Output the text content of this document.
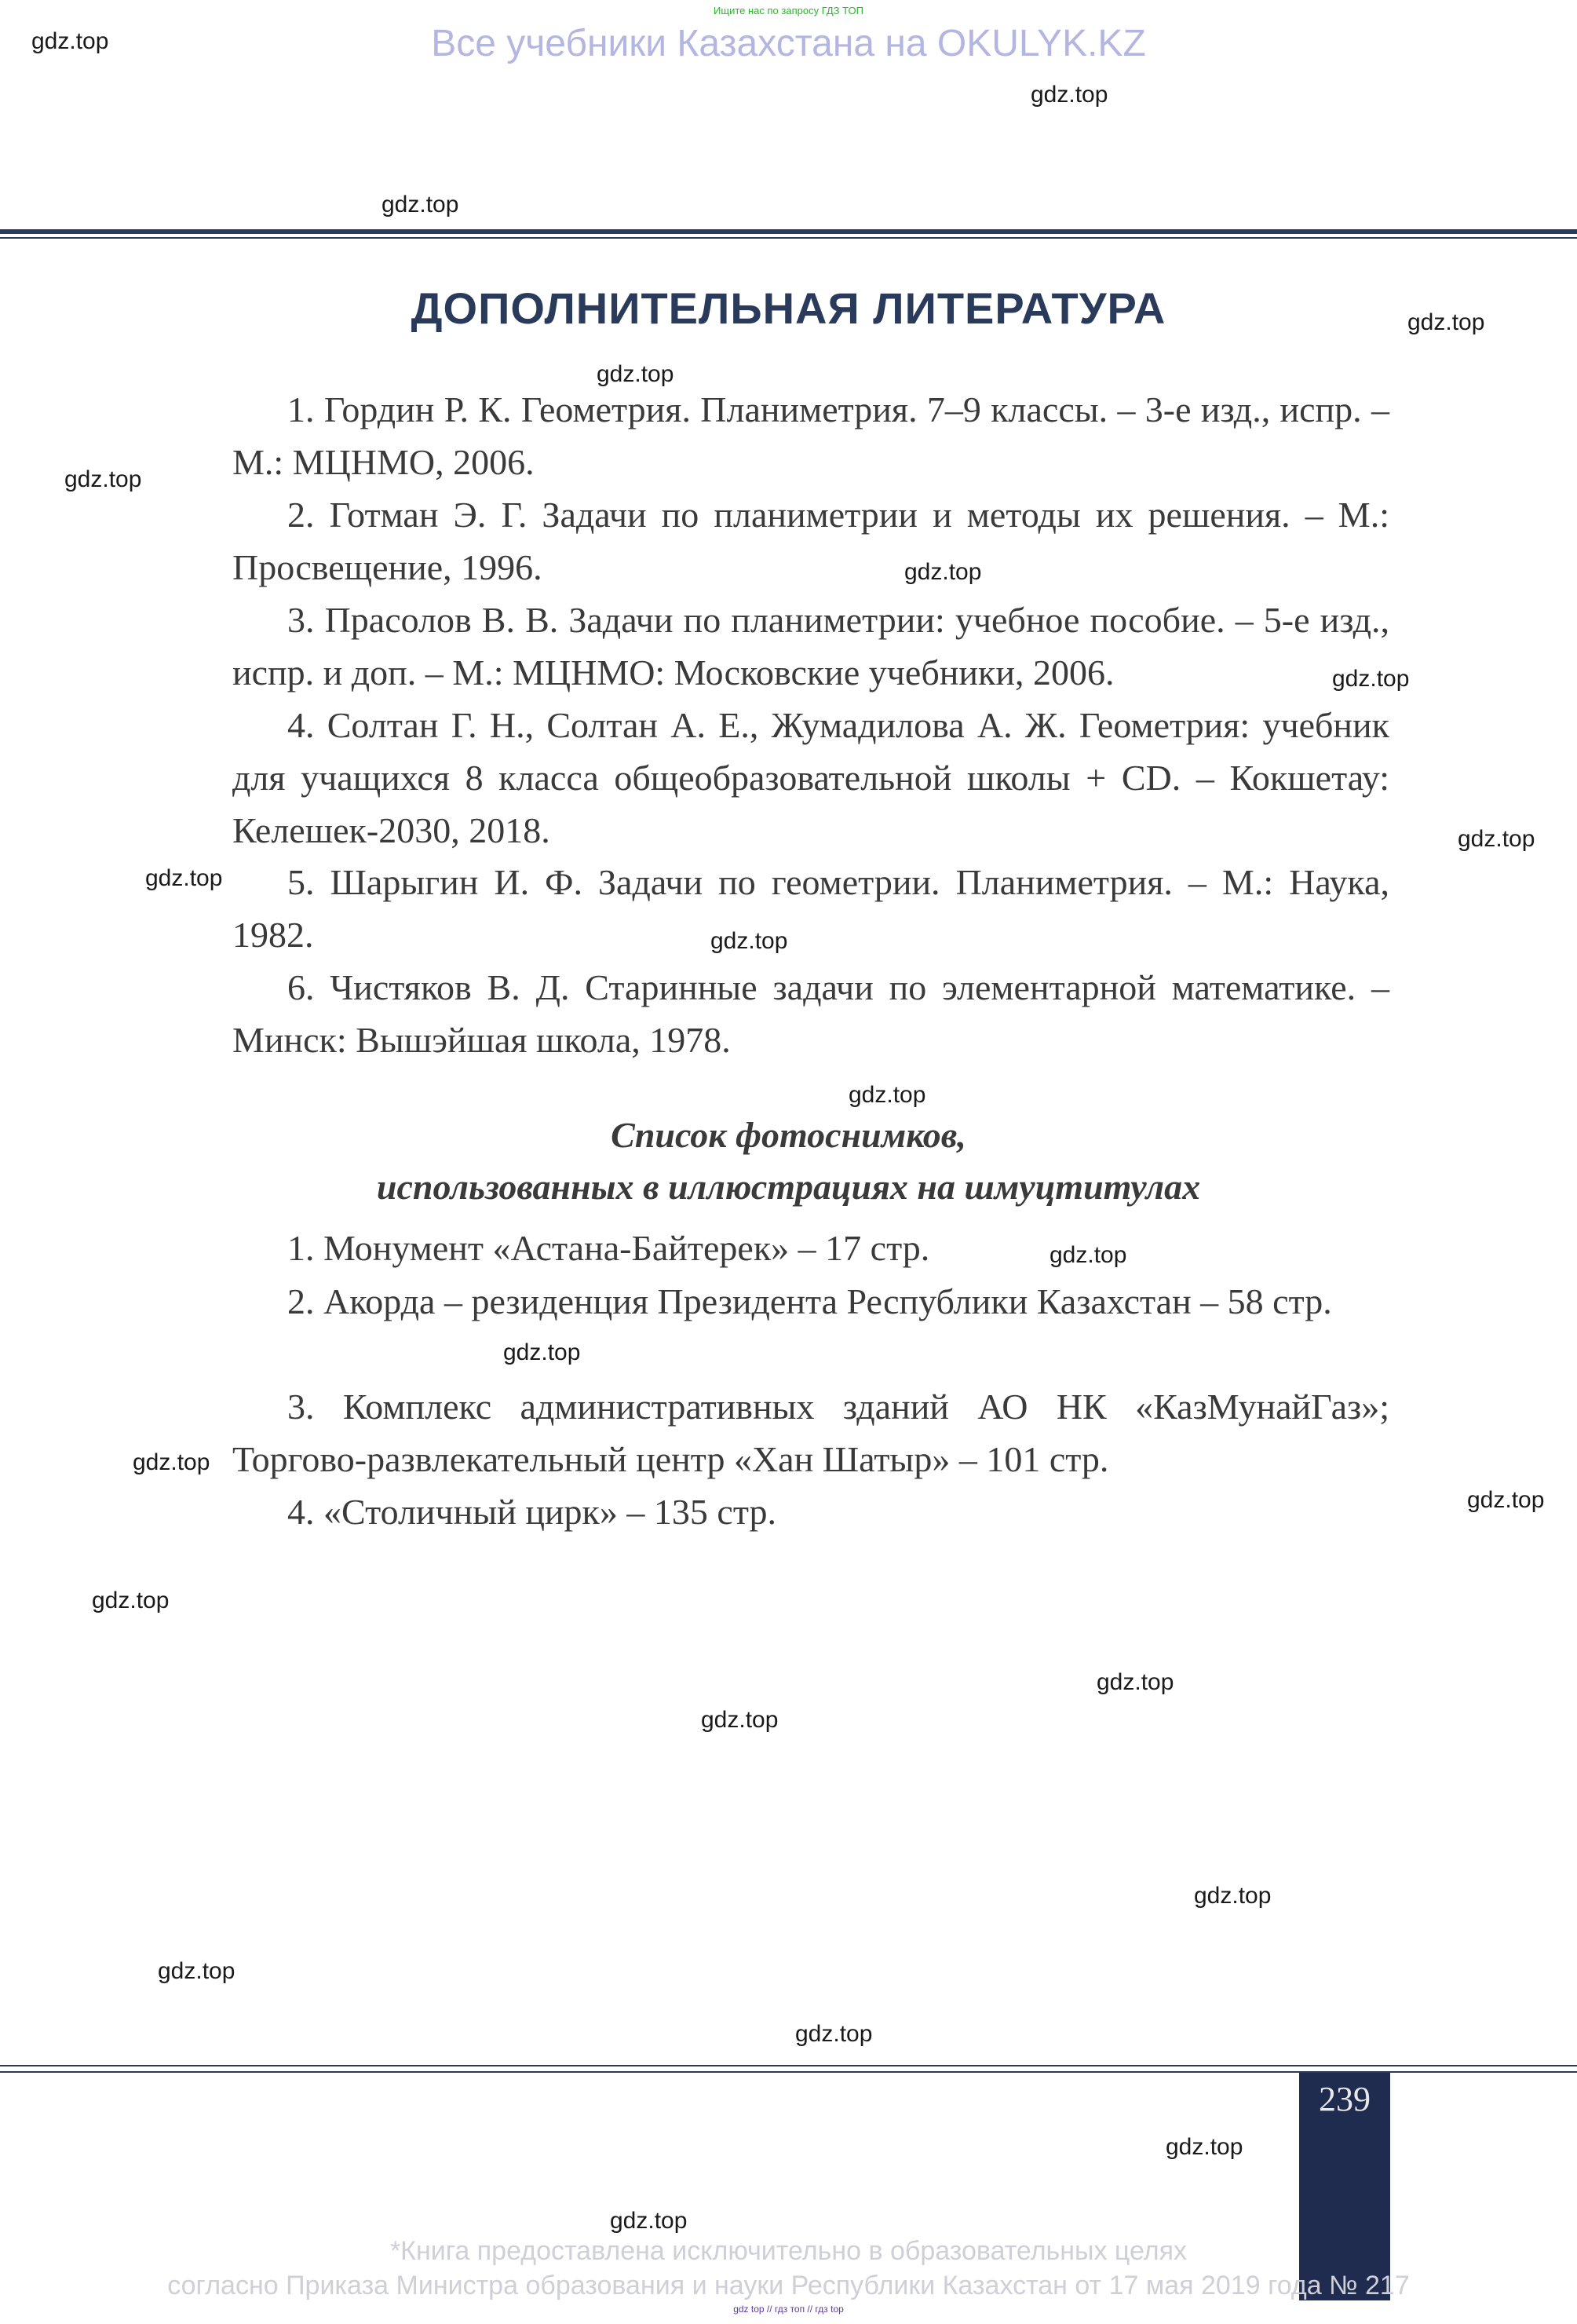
Ищите нас по запросу ГДЗ ТОП
Все учебники Казахстана на OKULYK.KZ
ДОПОЛНИТЕЛЬНАЯ ЛИТЕРАТУРА
1. Гордин Р. К. Геометрия. Планиметрия. 7–9 классы. – 3-е изд., испр. – М.: МЦНМО, 2006.
2. Готман Э. Г. Задачи по планиметрии и методы их решения. – М.: Просвещение, 1996.
3. Прасолов В. В. Задачи по планиметрии: учебное пособие. – 5-е изд., испр. и доп. – М.: МЦНМО: Московские учебники, 2006.
4. Солтан Г. Н., Солтан А. Е., Жумадилова А. Ж. Геометрия: учебник для учащихся 8 класса общеобразовательной школы + CD. – Кокшетау: Келешек-2030, 2018.
5. Шарыгин И. Ф. Задачи по геометрии. Планиметрия. – М.: Наука, 1982.
6. Чистяков В. Д. Старинные задачи по элементарной математике. – Минск: Вышэйшая школа, 1978.
Список фотоснимков,
использованных в иллюстрациях на шмуцтитулах
1. Монумент «Астана-Байтерек» – 17 стр.
2. Акорда – резиденция Президента Республики Казахстан – 58 стр.
3. Комплекс административных зданий АО НК «КазМунайГаз»; Торгово-развлекательный центр «Хан Шатыр» – 101 стр.
4. «Столичный цирк» – 135 стр.
239
*Книга предоставлена исключительно в образовательных целях
согласно Приказа Министра образования и науки Республики Казахстан от 17 мая 2019 года № 217
gdz top // гдз топ // гдз top
gdz.top
gdz.top
gdz.top
gdz.top
gdz.top
gdz.top
gdz.top
gdz.top
gdz.top
gdz.top
gdz.top
gdz.top
gdz.top
gdz.top
gdz.top
gdz.top
gdz.top
gdz.top
gdz.top
gdz.top
gdz.top
gdz.top
gdz.top
gdz.top
